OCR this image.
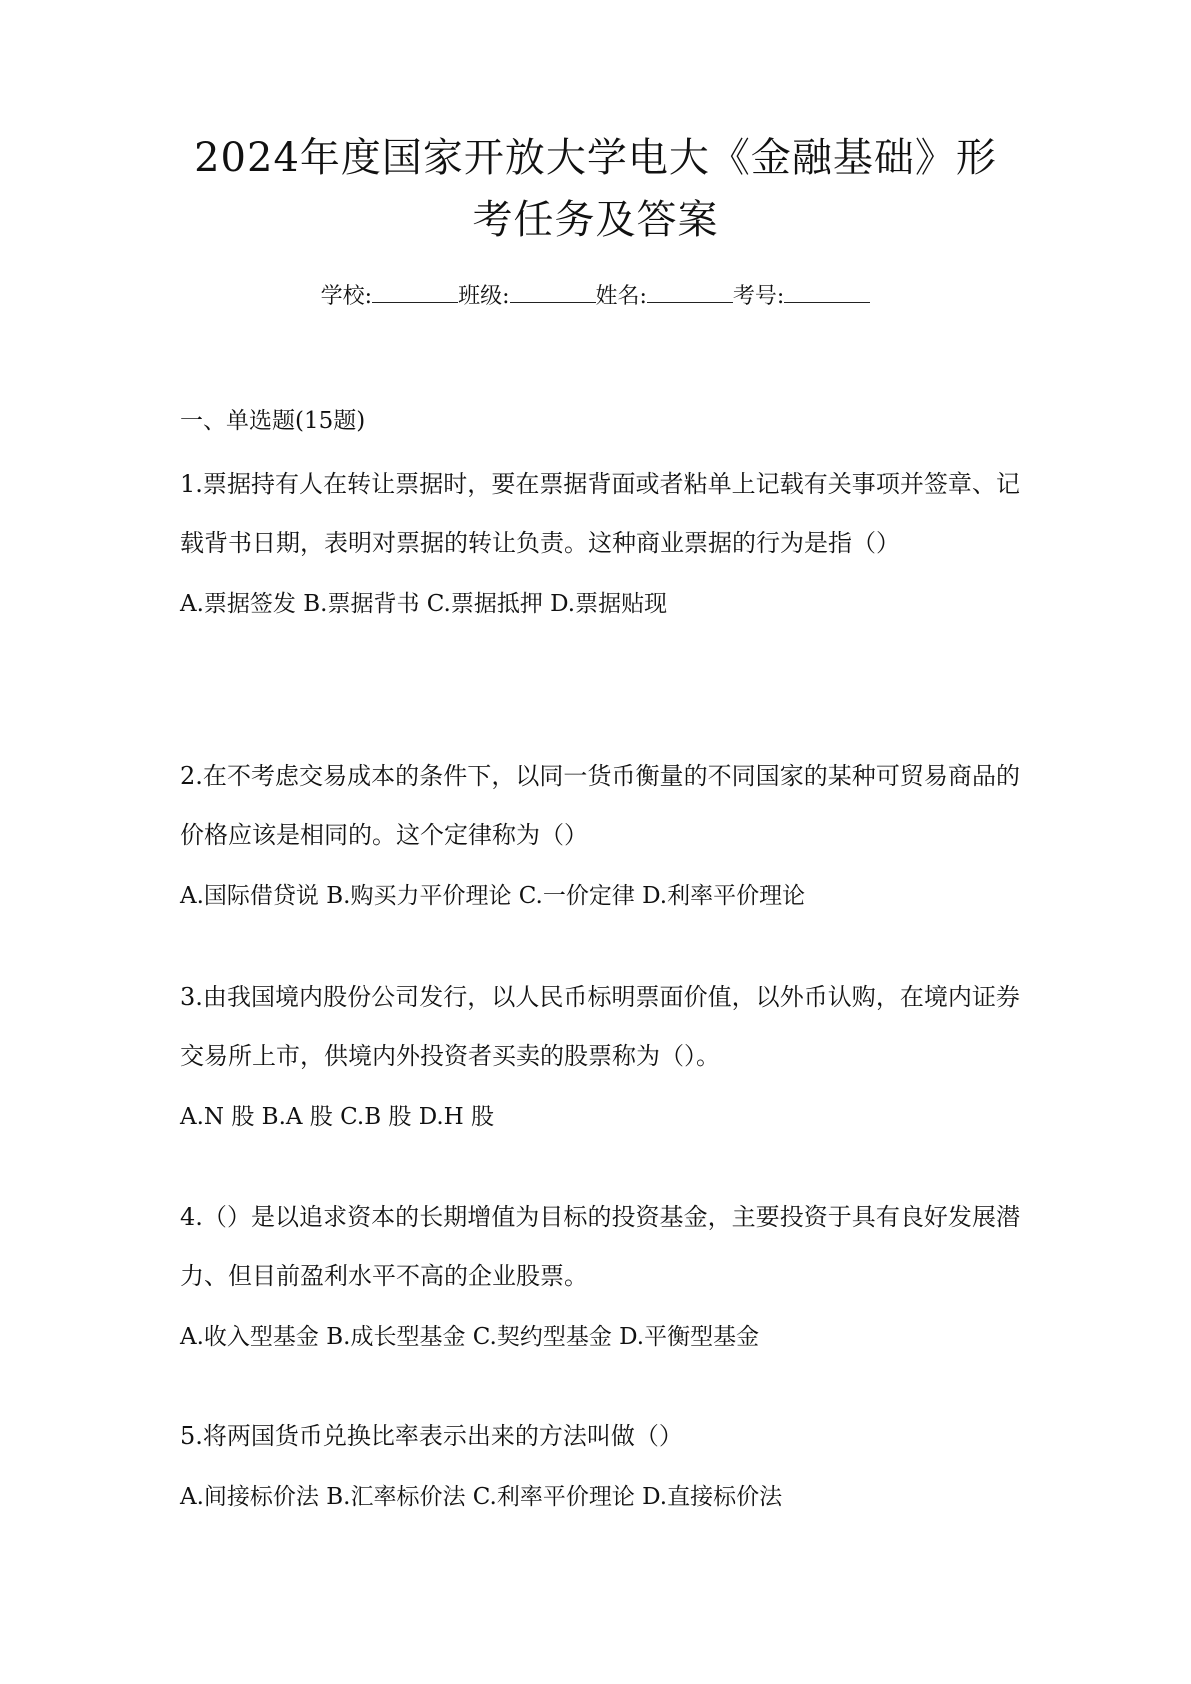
2024年度国家开放大学电大《金融基础》形
考任务及答案
学校:	班级:	姓名:	考号:
一、单选题(15题)

1.票据持有人在转让票据时，要在票据背面或者粘单上记载有关事项并签章、记载背书日期，表明对票据的转让负责。这种商业票据的行为是指（）

A.票据签发 B.票据背书 C.票据抵押 D.票据贴现

2.在不考虑交易成本的条件下，以同一货币衡量的不同国家的某种可贸易商品的价格应该是相同的。这个定律称为（）

A.国际借贷说 B.购买力平价理论 C.一价定律 D.利率平价理论

3.由我国境内股份公司发行，以人民币标明票面价值，以外币认购，在境内证券交易所上市，供境内外投资者买卖的股票称为（）。

A.N 股 B.A 股 C.B 股 D.H 股

4.（）是以追求资本的长期增值为目标的投资基金，主要投资于具有良好发展潜力、但目前盈利水平不高的企业股票。

A.收入型基金 B.成长型基金 C.契约型基金 D.平衡型基金

5.将两国货币兑换比率表示出来的方法叫做（）

A.间接标价法 B.汇率标价法 C.利率平价理论 D.直接标价法
